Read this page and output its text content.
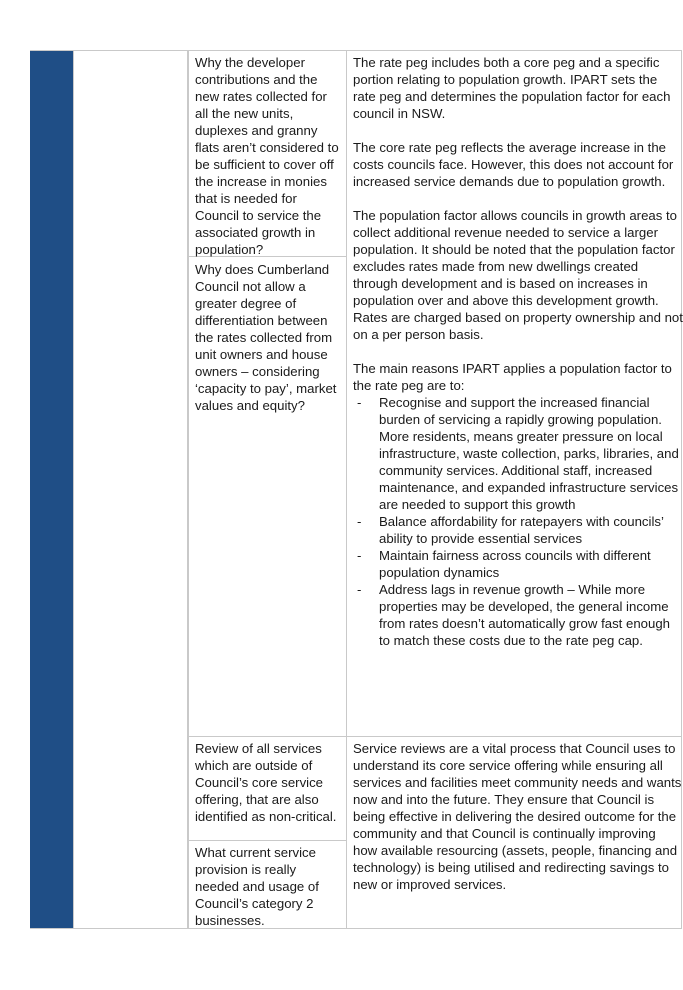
Why the developer contributions and the new rates collected for all the new units, duplexes and granny flats aren’t considered to be sufficient to cover off the increase in monies that is needed for Council to service the associated growth in population?
Why does Cumberland Council not allow a greater degree of differentiation between the rates collected from unit owners and house owners – considering ‘capacity to pay’, market values and equity?

The rate peg includes both a core peg and a specific portion relating to population growth. IPART sets the rate peg and determines the population factor for each council in NSW.

The core rate peg reflects the average increase in the costs councils face. However, this does not account for increased service demands due to population growth.

The population factor allows councils in growth areas to collect additional revenue needed to service a larger population. It should be noted that the population factor excludes rates made from new dwellings created through development and is based on increases in population over and above this development growth. Rates are charged based on property ownership and not on a per person basis.

The main reasons IPART applies a population factor to the rate peg are to:

- Recognise and support the increased financial burden of servicing a rapidly growing population. More residents, means greater pressure on local infrastructure, waste collection, parks, libraries, and community services. Additional staff, increased maintenance, and expanded infrastructure services are needed to support this growth
- Balance affordability for ratepayers with councils’ ability to provide essential services
- Maintain fairness across councils with different population dynamics
- Address lags in revenue growth – While more properties may be developed, the general income from rates doesn’t automatically grow fast enough to match these costs due to the rate peg cap.
Review of all services which are outside of Council’s core service offering, that are also identified as non-critical.
What current service provision is really needed and usage of Council’s category 2 businesses.

Service reviews are a vital process that Council uses to understand its core service offering while ensuring all services and facilities meet community needs and wants now and into the future. They ensure that Council is being effective in delivering the desired outcome for the community and that Council is continually improving how available resourcing (assets, people, financing and technology) is being utilised and redirecting savings to new or improved services.
